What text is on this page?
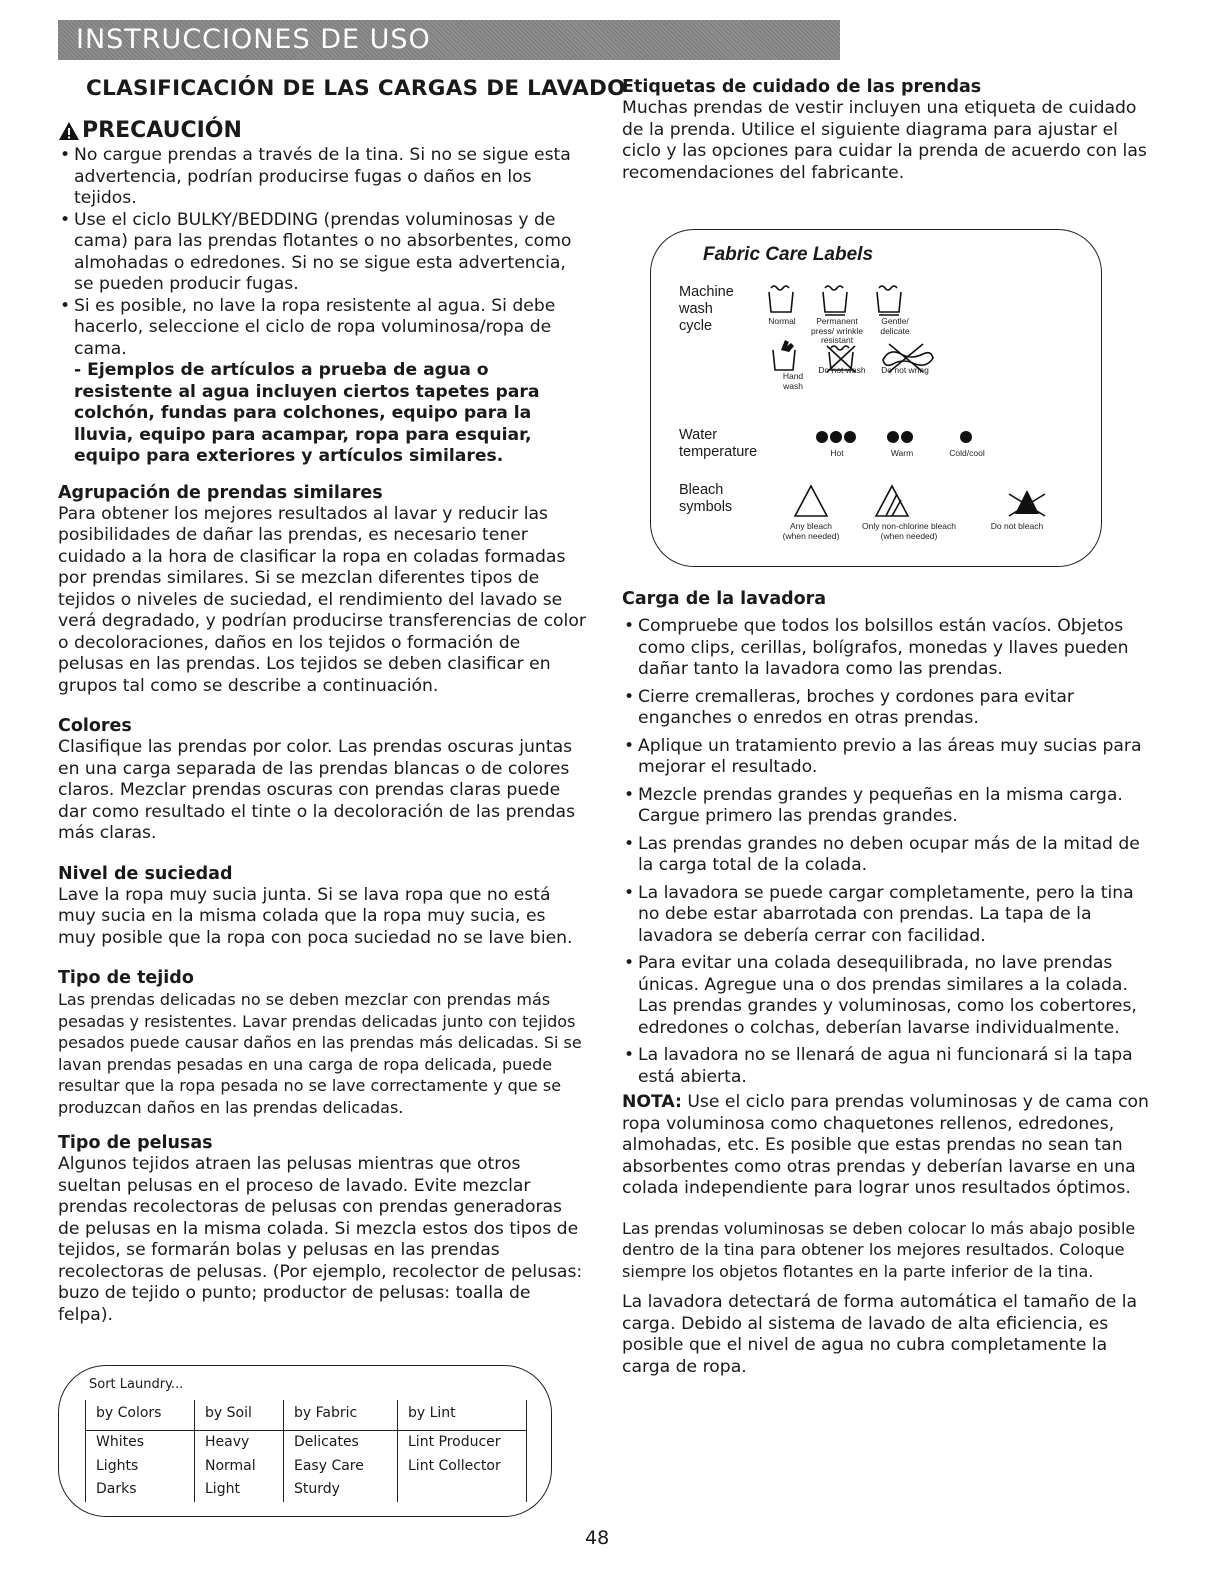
INSTRUCCIONES DE USO
CLASIFICACIÓN DE LAS CARGAS DE LAVADO
PRECAUCIÓN
• No cargue prendas a través de la tina. Si no se sigue esta advertencia, podrían producirse fugas o daños en los tejidos.
• Use el ciclo BULKY/BEDDING (prendas voluminosas y de cama) para las prendas flotantes o no absorbentes, como almohadas o edredones. Si no se sigue esta advertencia, se pueden producir fugas.
• Si es posible, no lave la ropa resistente al agua. Si debe hacerlo, seleccione el ciclo de ropa voluminosa/ropa de cama.

- Ejemplos de artículos a prueba de agua o resistente al agua incluyen ciertos tapetes para colchón, fundas para colchones, equipo para la lluvia, equipo para acampar, ropa para esquiar, equipo para exteriores y artículos similares.

Agrupación de prendas similares

Para obtener los mejores resultados al lavar y reducir las posibilidades de dañar las prendas, es necesario tener cuidado a la hora de clasificar la ropa en coladas formadas por prendas similares. Si se mezclan diferentes tipos de tejidos o niveles de suciedad, el rendimiento del lavado se verá degradado, y podrían producirse transferencias de color o decoloraciones, daños en los tejidos o formación de pelusas en las prendas. Los tejidos se deben clasificar en grupos tal como se describe a continuación.

Colores

Clasifique las prendas por color. Las prendas oscuras juntas en una carga separada de las prendas blancas o de colores claros. Mezclar prendas oscuras con prendas claras puede dar como resultado el tinte o la decoloración de las prendas más claras.

Nivel de suciedad

Lave la ropa muy sucia junta. Si se lava ropa que no está muy sucia en la misma colada que la ropa muy sucia, es muy posible que la ropa con poca suciedad no se lave bien.

Tipo de tejido

Las prendas delicadas no se deben mezclar con prendas más pesadas y resistentes. Lavar prendas delicadas junto con tejidos pesados puede causar daños en las prendas más delicadas. Si se lavan prendas pesadas en una carga de ropa delicada, puede resultar que la ropa pesada no se lave correctamente y que se produzcan daños en las prendas delicadas.

Tipo de pelusas

Algunos tejidos atraen las pelusas mientras que otros sueltan pelusas en el proceso de lavado. Evite mezclar prendas recolectoras de pelusas con prendas generadoras de pelusas en la misma colada. Si mezcla estos dos tipos de tejidos, se formarán bolas y pelusas en las prendas recolectoras de pelusas. (Por ejemplo, recolector de pelusas: buzo de tejido o punto; productor de pelusas: toalla de felpa).

Sort Laundry...
by Colors	by Soil	by Fabric	by Lint
Whites	Heavy	Delicates	Lint Producer
Lights	Normal	Easy Care	Lint Collector
Darks	Light	Sturdy	
Etiquetas de cuidado de las prendas

Muchas prendas de vestir incluyen una etiqueta de cuidado de la prenda. Utilice el siguiente diagrama para ajustar el ciclo y las opciones para cuidar la prenda de acuerdo con las recomendaciones del fabricante.

Fabric Care Labels
Machine wash cycle	Normal	Permanent press/ wrinkle resistant
Gentle/ delicate
Hand wash
Do not wash	Do not wring
Water temperature	Hot	Warm	Cold/cool
Bleach symbols
Any bleach (when needed)
Only non-chlorine bleach (when needed)
Do not bleach
Carga de la lavadora
• Compruebe que todos los bolsillos están vacíos. Objetos como clips, cerillas, bolígrafos, monedas y llaves pueden dañar tanto la lavadora como las prendas.
• Cierre cremalleras, broches y cordones para evitar enganches o enredos en otras prendas.
• Aplique un tratamiento previo a las áreas muy sucias para mejorar el resultado.
• Mezcle prendas grandes y pequeñas en la misma carga. Cargue primero las prendas grandes.
• Las prendas grandes no deben ocupar más de la mitad de la carga total de la colada.
• La lavadora se puede cargar completamente, pero la tina no debe estar abarrotada con prendas. La tapa de la lavadora se debería cerrar con facilidad.
• Para evitar una colada desequilibrada, no lave prendas únicas. Agregue una o dos prendas similares a la colada. Las prendas grandes y voluminosas, como los cobertores, edredones o colchas, deberían lavarse individualmente.
• La lavadora no se llenará de agua ni funcionará si la tapa está abierta.

NOTA: Use el ciclo para prendas voluminosas y de cama con

ropa voluminosa como chaquetones rellenos, edredones, almohadas, etc. Es posible que estas prendas no sean tan absorbentes como otras prendas y deberían lavarse en una colada independiente para lograr unos resultados óptimos.

Las prendas voluminosas se deben colocar lo más abajo posible dentro de la tina para obtener los mejores resultados. Coloque siempre los objetos flotantes en la parte inferior de la tina.

La lavadora detectará de forma automática el tamaño de la carga. Debido al sistema de lavado de alta eficiencia, es posible que el nivel de agua no cubra completamente la carga de ropa.

48
